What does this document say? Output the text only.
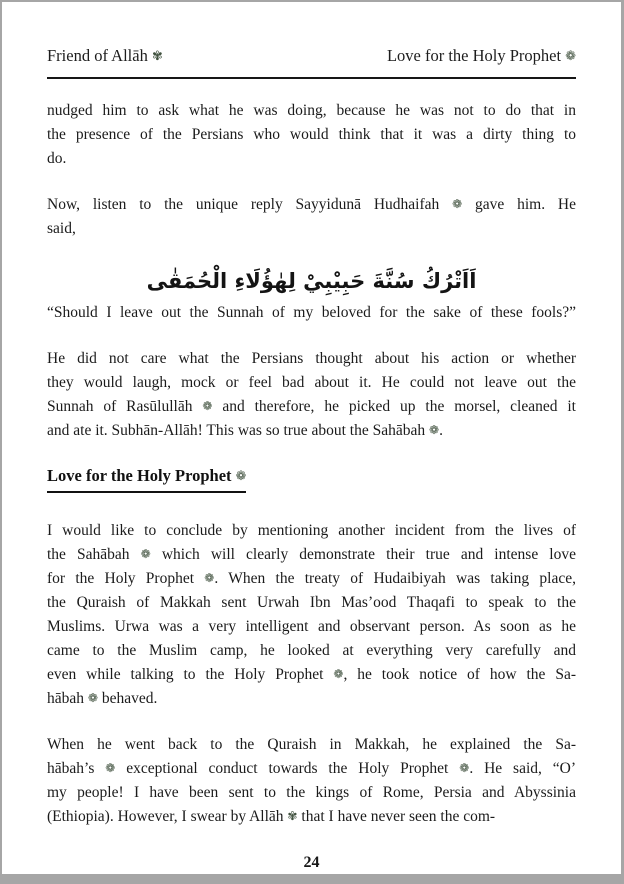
Friend of Allāh ✾	Love for the Holy Prophet ❁
nudged him to ask what he was doing, because he was not to do that in
the presence of the Persians who would think that it was a dirty thing to
do.
Now, listen to the unique reply Sayyidunā Hudhaifah ❁ gave him. He
said,
اَاَتْرُكُ سُنَّةَ حَبِيْبِيْ لِهٰؤُلَاءِ الْحُمَقٰى
“Should I leave out the Sunnah of my beloved for the sake of these fools?”
He did not care what the Persians thought about his action or whether
they would laugh, mock or feel bad about it. He could not leave out the
Sunnah of Rasūlullāh ❁ and therefore, he picked up the morsel, cleaned it
and ate it. Subhān-Allāh! This was so true about the Sahābah ❁.
Love for the Holy Prophet ❁
I would like to conclude by mentioning another incident from the lives of
the Sahābah ❁ which will clearly demonstrate their true and intense love
for the Holy Prophet ❁. When the treaty of Hudaibiyah was taking place,
the Quraish of Makkah sent Urwah Ibn Mas’ood Thaqafi to speak to the
Muslims. Urwa was a very intelligent and observant person. As soon as he
came to the Muslim camp, he looked at everything very carefully and
even while talking to the Holy Prophet ❁, he took notice of how the Sa-
hābah ❁ behaved.
When he went back to the Quraish in Makkah, he explained the Sa-
hābah’s ❁ exceptional conduct towards the Holy Prophet ❁. He said, “O’
my people! I have been sent to the kings of Rome, Persia and Abyssinia
(Ethiopia). However, I swear by Allāh ✾ that I have never seen the com-
24
